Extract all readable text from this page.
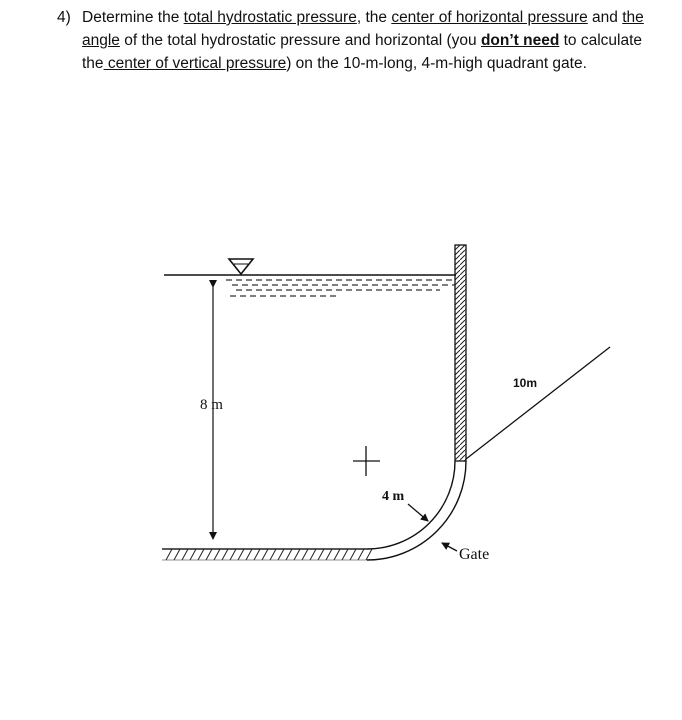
4) Determine the total hydrostatic pressure, the center of horizontal pressure and the angle of the total hydrostatic pressure and horizontal (you don’t need to calculate the center of vertical pressure) on the 10-m-long, 4-m-high quadrant gate.
8 m
4 m
10m
Gate
